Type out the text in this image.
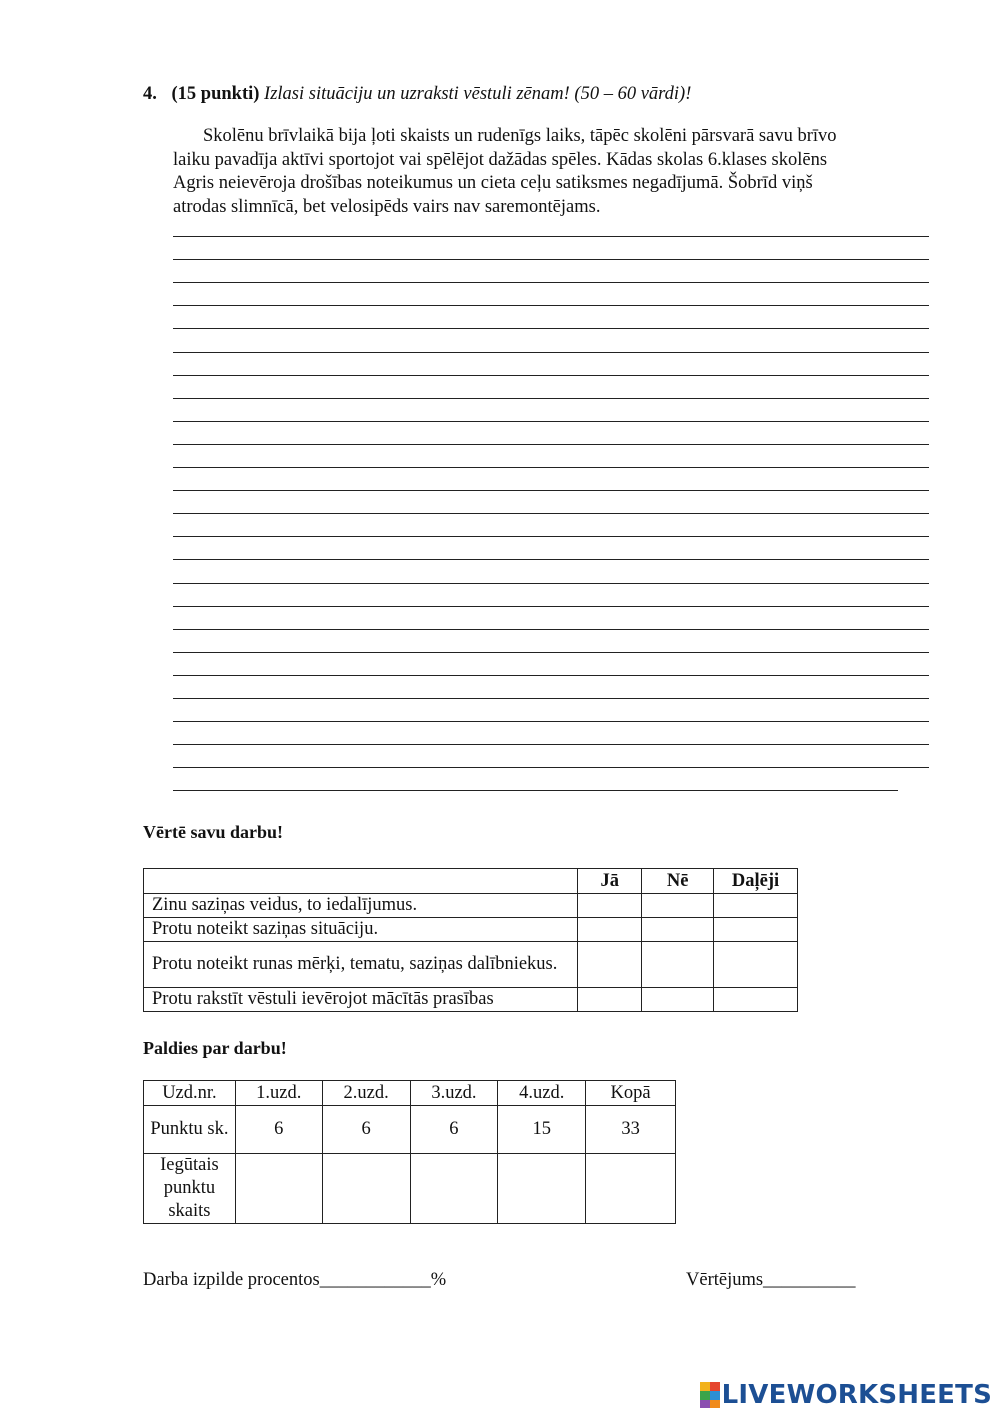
4. (15 punkti) Izlasi situāciju un uzraksti vēstuli zēnam! (50 – 60 vārdi)!
Skolēnu brīvlaikā bija ļoti skaists un rudenīgs laiks, tāpēc skolēni pārsvarā savu brīvo
laiku pavadīja aktīvi sportojot vai spēlējot dažādas spēles. Kādas skolas 6.klases skolēns
Agris neievēroja drošības noteikumus un cieta ceļu satiksmes negadījumā. Šobrīd viņš
atrodas slimnīcā, bet velosipēds vairs nav saremontējams.
Vērtē savu darbu!
	Jā	Nē	Daļēji
Zinu saziņas veidus, to iedalījumus.			
Protu noteikt saziņas situāciju.			
Protu noteikt runas mērķi, tematu, saziņas dalībniekus.			
Protu rakstīt vēstuli ievērojot mācītās prasības			
Paldies par darbu!
Uzd.nr.	1.uzd.	2.uzd.	3.uzd.	4.uzd.	Kopā
Punktu sk.	6	6	6	15	33
Iegūtais punktu skaits					
Darba izpilde procentos____________%	Vērtējums__________
LIVEWORKSHEETS
